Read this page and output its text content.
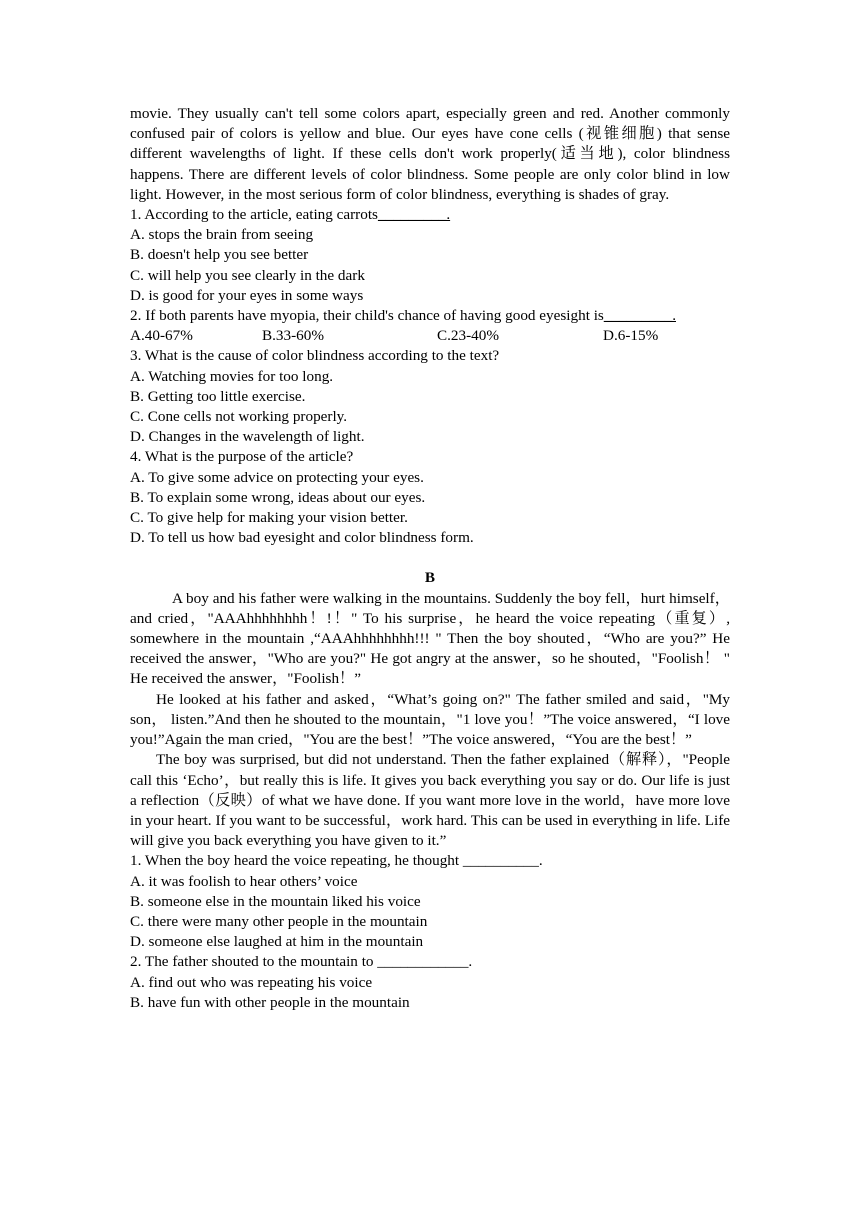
movie. They usually can't tell some colors apart, especially green and red. Another commonly confused pair of colors is yellow and blue. Our eyes have cone cells (视锥细胞) that sense different wavelengths of light. If these cells don't work properly(适当地), color blindness happens. There are different levels of color blindness. Some people are only color blind in low light. However, in the most serious form of color blindness, everything is shades of gray.
1. According to the article, eating carrots_________.
A. stops the brain from seeing
B. doesn't help you see better
C. will help you see clearly in the dark
D. is good for your eyes in some ways
2. If both parents have myopia, their child's chance of having good eyesight is_________.
A.40-67%	B.33-60%	C.23-40%	D.6-15%
3. What is the cause of color blindness according to the text?
A. Watching movies for too long.
B. Getting too little exercise.
C. Cone cells not working properly.
D. Changes in the wavelength of light.
4. What is the purpose of the article?
A. To give some advice on protecting your eyes.
B. To explain some wrong, ideas about our eyes.
C. To give help for making your vision better.
D. To tell us how bad eyesight and color blindness form.
B
A boy and his father were walking in the mountains. Suddenly the boy fell，hurt himself，and cried，"AAAhhhhhhhh！!！" To his surprise，he heard the voice repeating（重复）, somewhere in the mountain ,“AAAhhhhhhhh!!! " Then the boy shouted，“Who are you?” He received the answer，"Who are you?" He got angry at the answer，so he shouted，"Foolish！ " He received the answer，"Foolish！”
He looked at his father and asked，“What’s going on?" The father smiled and said，"My son， listen.”And then he shouted to the mountain，"1 love you！”The voice answered，“I love you!”Again the man cried，"You are the best！”The voice answered，“You are the best！”
The boy was surprised, but did not understand. Then the father explained（解释），"People call this ‘Echo’，but really this is life. It gives you back everything you say or do. Our life is just a reflection（反映）of what we have done. If you want more love in the world，have more love in your heart. If you want to be successful，work hard. This can be used in everything in life. Life will give you back everything you have given to it.”
1. When the boy heard the voice repeating, he thought __________.
A. it was foolish to hear others’ voice
B. someone else in the mountain liked his voice
C. there were many other people in the mountain
D. someone else laughed at him in the mountain
2. The father shouted to the mountain to ____________.
A. find out who was repeating his voice
B. have fun with other people in the mountain
